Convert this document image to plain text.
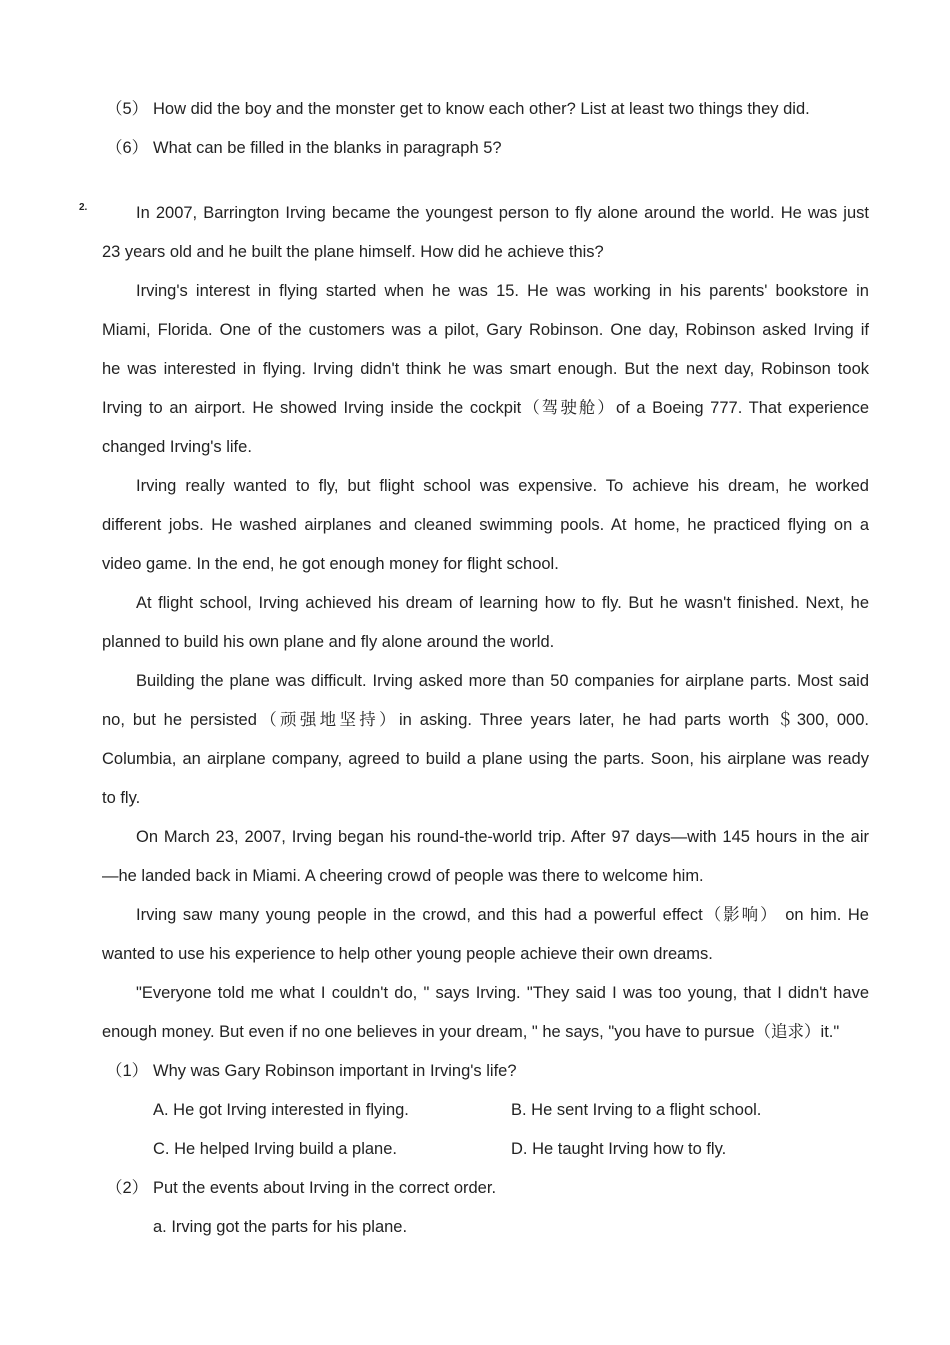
（5） How did the boy and the monster get to know each other? List at least two things they did.
（6） What can be filled in the blanks in paragraph 5?
2.	In 2007, Barrington Irving became the youngest person to fly alone around the world. He was just
23 years old and he built the plane himself. How did he achieve this?
Irving's interest in flying started when he was 15. He was working in his parents' bookstore in
Miami, Florida. One of the customers was a pilot, Gary Robinson. One day, Robinson asked Irving if
he was interested in flying. Irving didn't think he was smart enough. But the next day, Robinson took
Irving to an airport. He showed Irving inside the cockpit（驾驶舱）of a Boeing 777. That experience
changed Irving's life.
Irving really wanted to fly, but flight school was expensive. To achieve his dream, he worked
different jobs. He washed airplanes and cleaned swimming pools. At home, he practiced flying on a
video game. In the end, he got enough money for flight school.
At flight school, Irving achieved his dream of learning how to fly. But he wasn't finished. Next, he
planned to build his own plane and fly alone around the world.
Building the plane was difficult. Irving asked more than 50 companies for airplane parts. Most said
no, but he persisted（顽强地坚持）in asking. Three years later, he had parts worth ＄300, 000.
Columbia, an airplane company, agreed to build a plane using the parts. Soon, his airplane was ready
to fly.
On March 23, 2007, Irving began his round-the-world trip. After 97 days—with 145 hours in the air
—he landed back in Miami. A cheering crowd of people was there to welcome him.
Irving saw many young people in the crowd, and this had a powerful effect（影响） on him. He
wanted to use his experience to help other young people achieve their own dreams.
"Everyone told me what I couldn't do, " says Irving. "They said I was too young, that I didn't have
enough money. But even if no one believes in your dream, " he says, "you have to pursue（追求）it."
（1） Why was Gary Robinson important in Irving's life?
A. He got Irving interested in flying.	B. He sent Irving to a flight school.
C. He helped Irving build a plane.	D. He taught Irving how to fly.
（2） Put the events about Irving in the correct order.
a. Irving got the parts for his plane.
